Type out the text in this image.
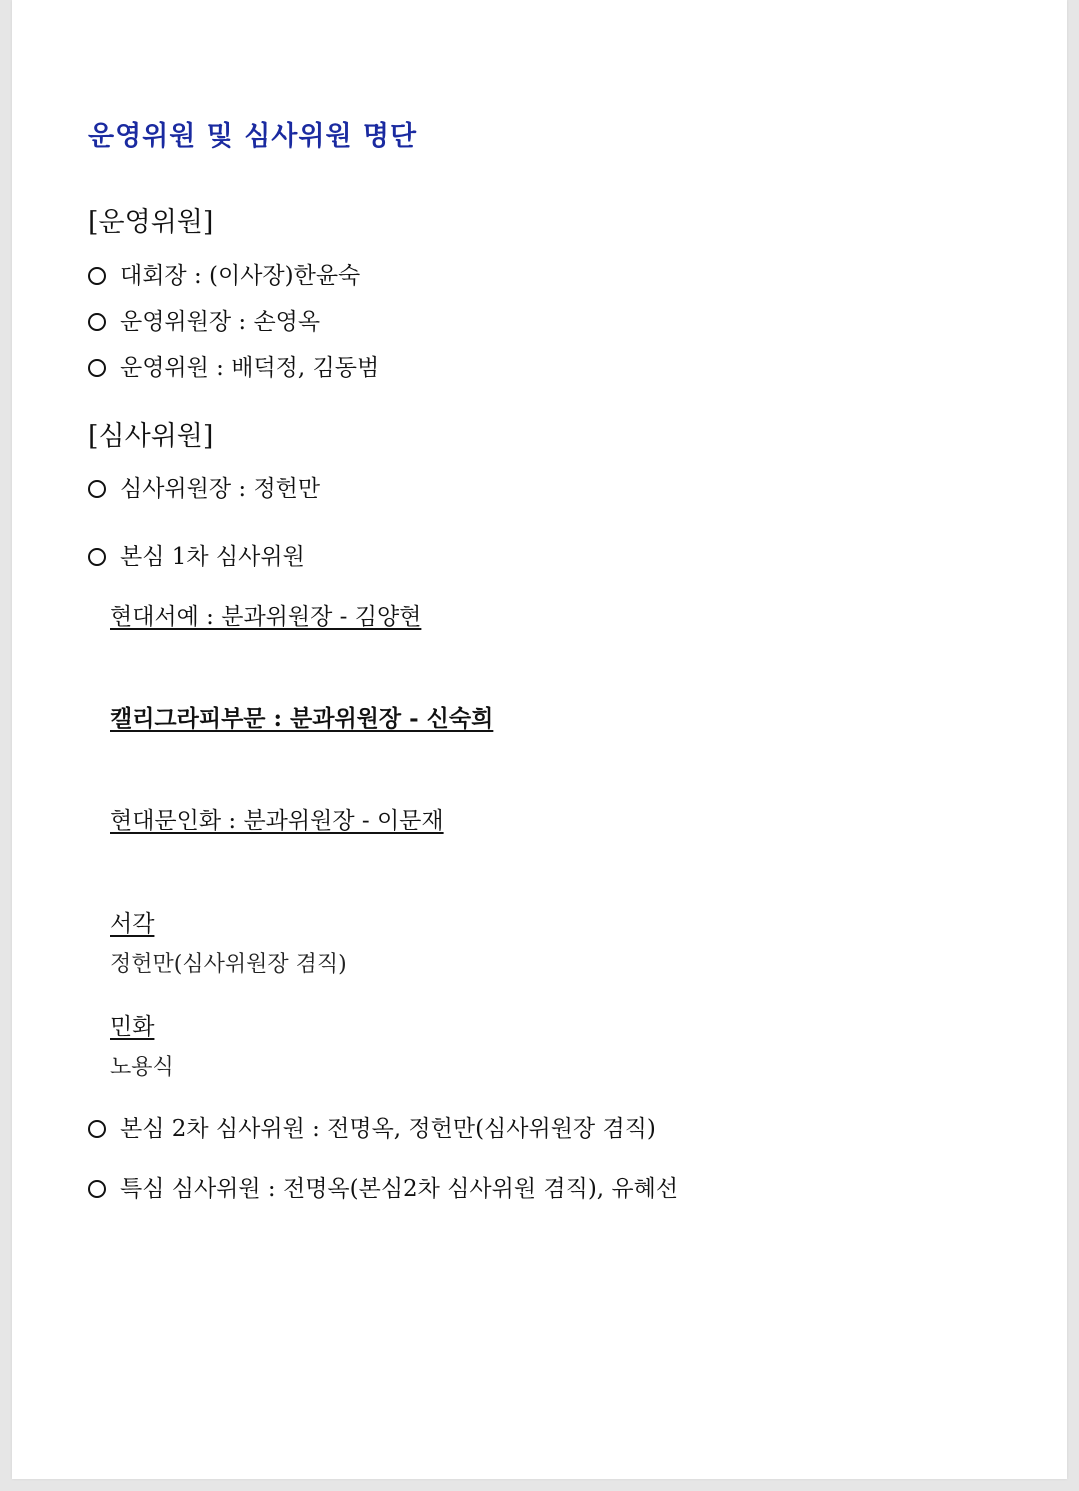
운영위원 및 심사위원 명단
[운영위원]
대회장 : (이사장)한윤숙
운영위원장 : 손영옥
운영위원 : 배덕정, 김동범
[심사위원]
심사위원장 : 정헌만
본심 1차 심사위원
현대서예 : 분과위원장 - 김양현
캘리그라피부문 : 분과위원장 - 신숙희
현대문인화 : 분과위원장 - 이문재
서각
정헌만(심사위원장 겸직)
민화
노용식
본심 2차 심사위원 : 전명옥, 정헌만(심사위원장 겸직)
특심 심사위원 : 전명옥(본심2차 심사위원 겸직), 유혜선
